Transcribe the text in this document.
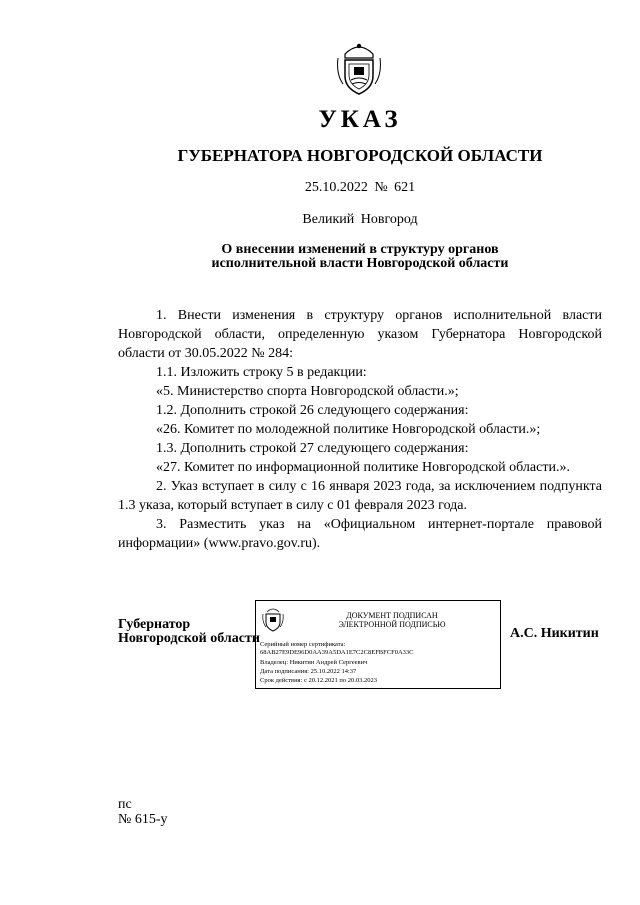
УКАЗ
ГУБЕРНАТОРА НОВГОРОДСКОЙ ОБЛАСТИ
25.10.2022 № 621
Великий Новгород
О внесении изменений в структуру органов
исполнительной власти Новгородской области

1. Внести изменения в структуру органов исполнительной власти Новгородской области, определенную указом Губернатора Новгородской области от 30.05.2022 № 284:

1.1. Изложить строку 5 в редакции:

«5. Министерство спорта Новгородской области.»;

1.2. Дополнить строкой 26 следующего содержания:

«26. Комитет по молодежной политике Новгородской области.»;

1.3. Дополнить строкой 27 следующего содержания:

«27. Комитет по информационной политике Новгородской области.».

2. Указ вступает в силу с 16 января 2023 года, за исключением подпункта 1.3 указа, который вступает в силу с 01 февраля 2023 года.

3. Разместить указ на «Официальном интернет-портале правовой информации» (www.pravo.gov.ru).

Губернатор
Новгородской области
ДОКУМЕНТ ПОДПИСАН
ЭЛЕКТРОННОЙ ПОДПИСЬЮ
Серийный номер сертификата:
68AB27E9DE96D0AA39A5DA1E7C2C8EFBFCF0A33C
Владелец: Никитин Андрей Сергеевич
Дата подписания: 25.10.2022 14:37
Срок действия: с 20.12.2021 по 20.03.2023
А.С. Никитин
пс
№ 615-у
